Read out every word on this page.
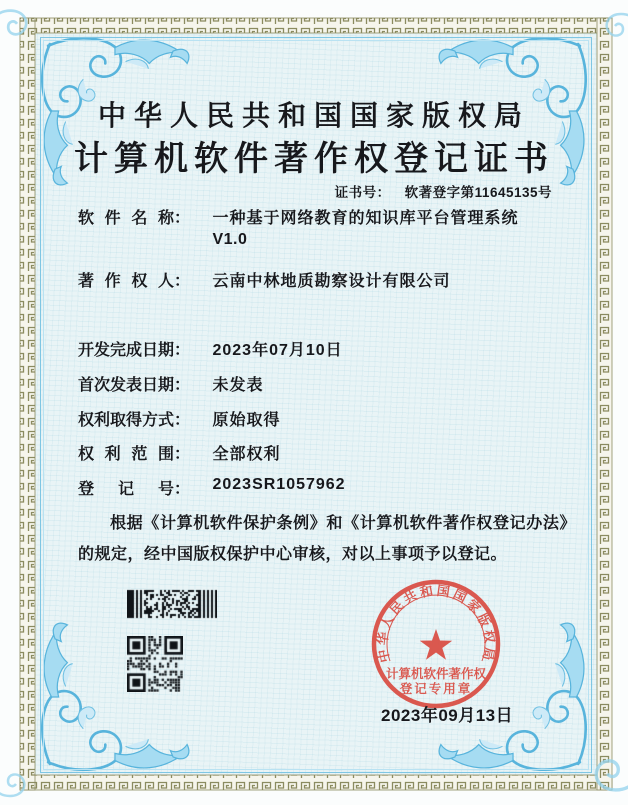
中华人民共和国国家版权局
计算机软件著作权登记证书
证书号： 软著登字第11645135号
软 件 名 称： 一种基于网络教育的知识库平台管理系统
V1.0
著 作 权 人： 云南中林地质勘察设计有限公司
开发完成日期： 2023年07月10日
首次发表日期： 未发表
权利取得方式： 原始取得
权 利 范 围： 全部权利
登 记 号： 2023SR1057962
根据《计算机软件保护条例》和《计算机软件著作权登记办法》的规定，经中国版权保护中心审核，对以上事项予以登记。
中华人民共和国国家版权局
计算机软件著作权
登记专用章
2023年09月13日
